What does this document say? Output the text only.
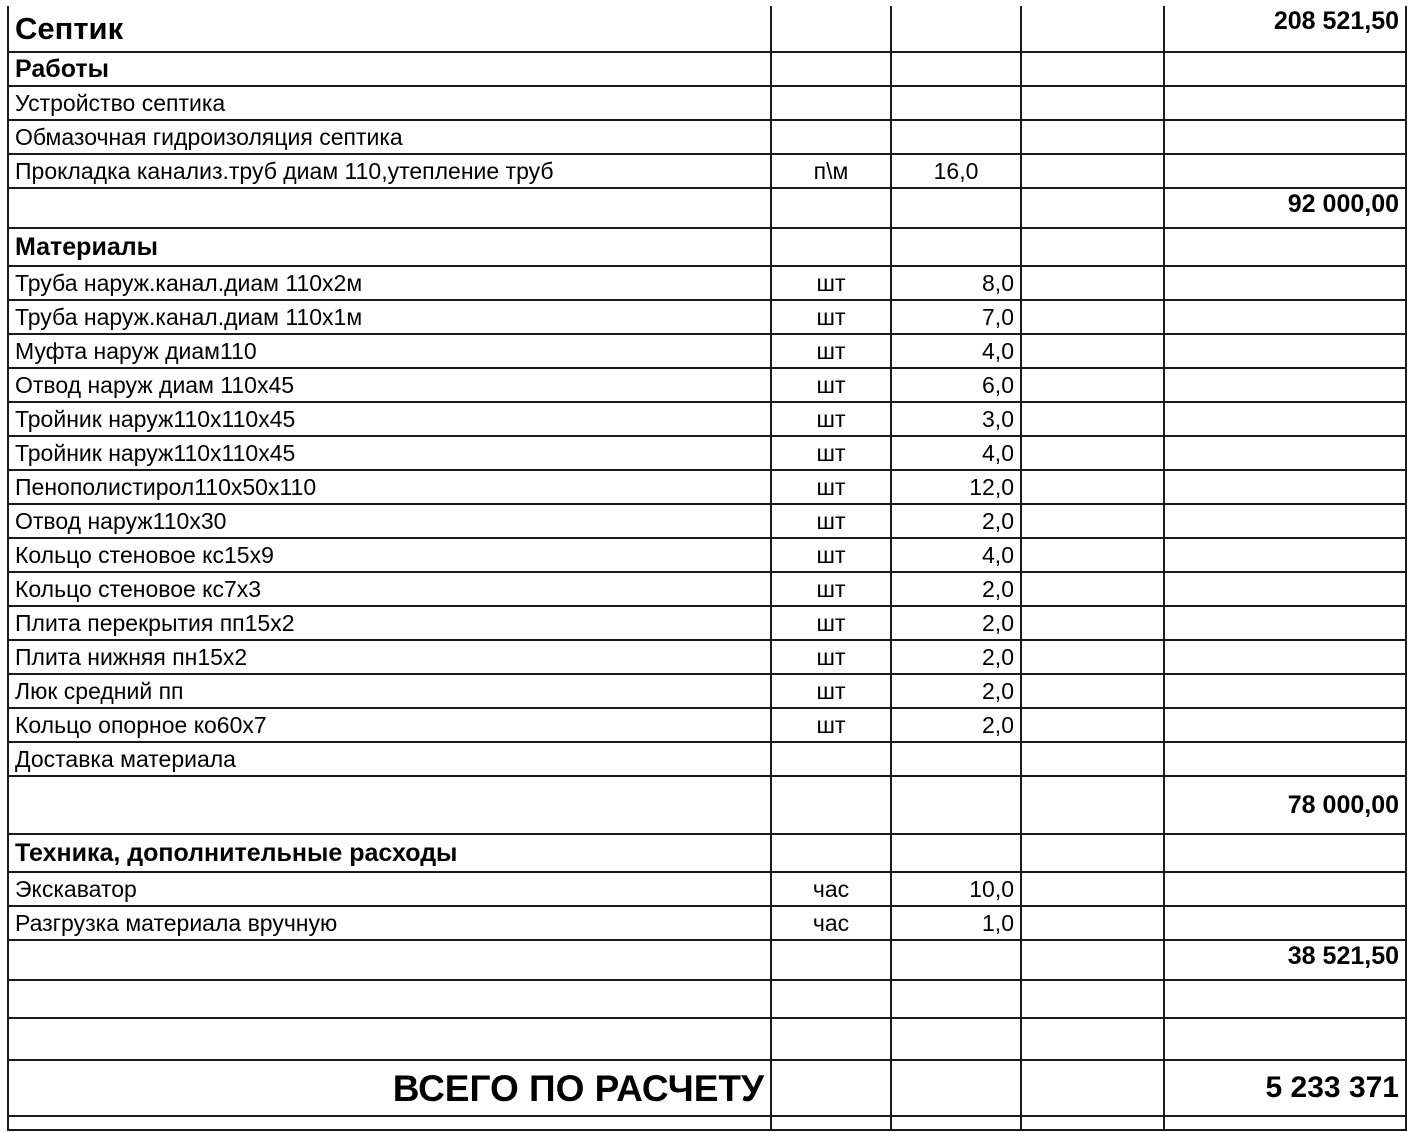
Септик				208 521,50
Работы				
Устройство септика				
Обмазочная гидроизоляция септика				
Прокладка канализ.труб диам 110,утепление труб	п\м	16,0		
				92 000,00
Материалы				
Труба наруж.канал.диам 110х2м	шт	8,0		
Труба наруж.канал.диам 110х1м	шт	7,0		
Муфта наруж диам110	шт	4,0		
Отвод наруж диам 110х45	шт	6,0		
Тройник наруж110х110х45	шт	3,0		
Тройник наруж110х110х45	шт	4,0		
Пенополистирол110х50х110	шт	12,0		
Отвод наруж110х30	шт	2,0		
Кольцо стеновое кс15х9	шт	4,0		
Кольцо стеновое кс7х3	шт	2,0		
Плита перекрытия пп15х2	шт	2,0		
Плита нижняя пн15х2	шт	2,0		
Люк средний пп	шт	2,0		
Кольцо опорное ко60х7	шт	2,0		
Доставка материала				
				78 000,00
Техника, дополнительные расходы				
Экскаватор	час	10,0		
Разгрузка материала вручную	час	1,0		
				38 521,50

ВСЕГО ПО РАСЧЕТУ				5 233 371
